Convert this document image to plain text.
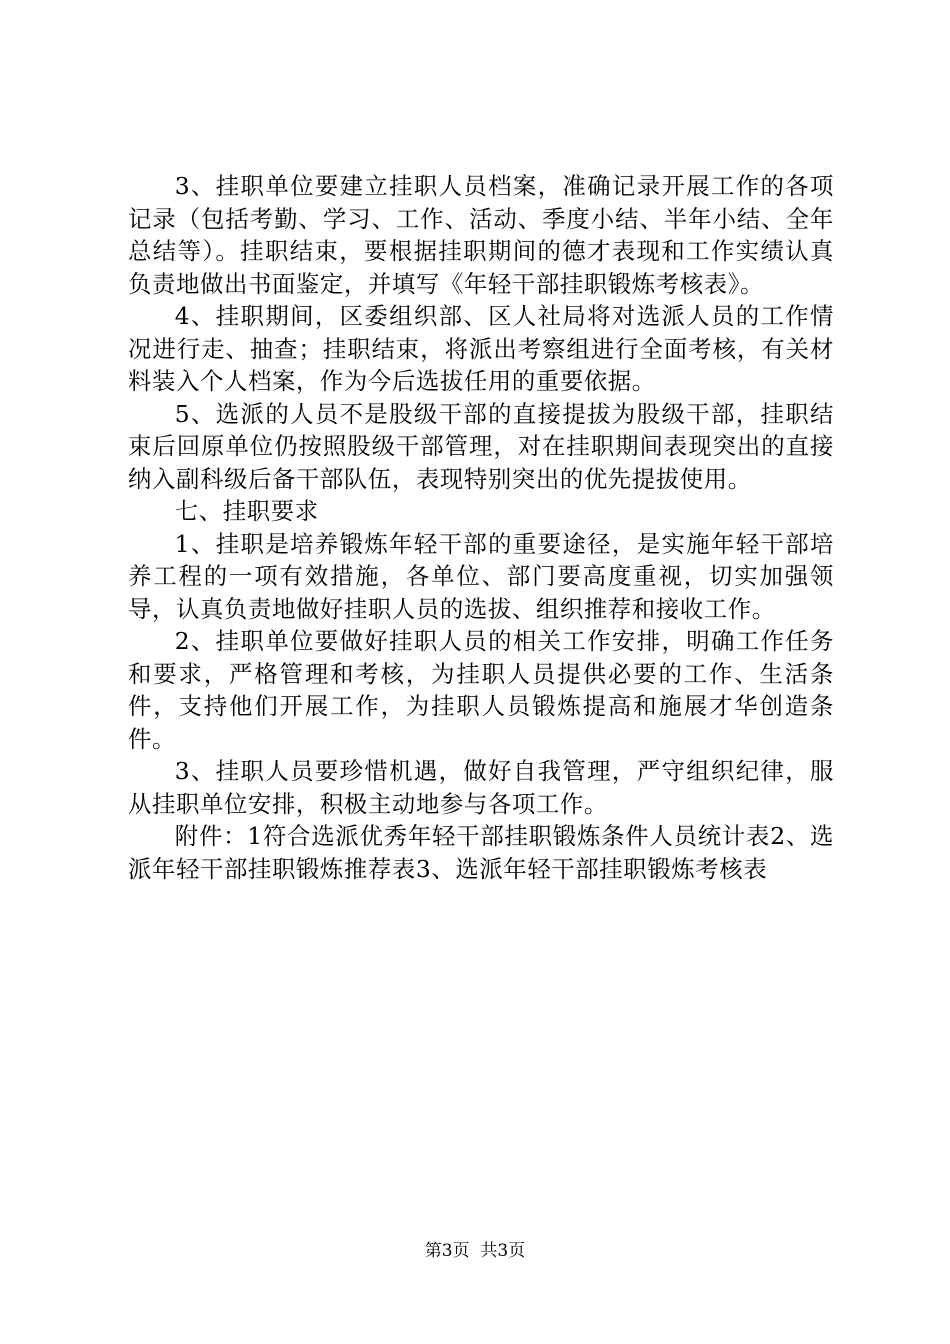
3、挂职单位要建立挂职人员档案，准确记录开展工作的各项记录（包括考勤、学习、工作、活动、季度小结、半年小结、全年总结等）。挂职结束，要根据挂职期间的德才表现和工作实绩认真负责地做出书面鉴定，并填写《年轻干部挂职锻炼考核表》。

4、挂职期间，区委组织部、区人社局将对选派人员的工作情况进行走、抽查；挂职结束，将派出考察组进行全面考核，有关材料装入个人档案，作为今后选拔任用的重要依据。

5、选派的人员不是股级干部的直接提拔为股级干部，挂职结束后回原单位仍按照股级干部管理，对在挂职期间表现突出的直接纳入副科级后备干部队伍，表现特别突出的优先提拔使用。

七、挂职要求

1、挂职是培养锻炼年轻干部的重要途径，是实施年轻干部培养工程的一项有效措施，各单位、部门要高度重视，切实加强领导，认真负责地做好挂职人员的选拔、组织推荐和接收工作。

2、挂职单位要做好挂职人员的相关工作安排，明确工作任务和要求，严格管理和考核，为挂职人员提供必要的工作、生活条件，支持他们开展工作，为挂职人员锻炼提高和施展才华创造条件。

3、挂职人员要珍惜机遇，做好自我管理，严守组织纪律，服从挂职单位安排，积极主动地参与各项工作。

附件：1符合选派优秀年轻干部挂职锻炼条件人员统计表2、选派年轻干部挂职锻炼推荐表3、选派年轻干部挂职锻炼考核表

第3页  共3页
